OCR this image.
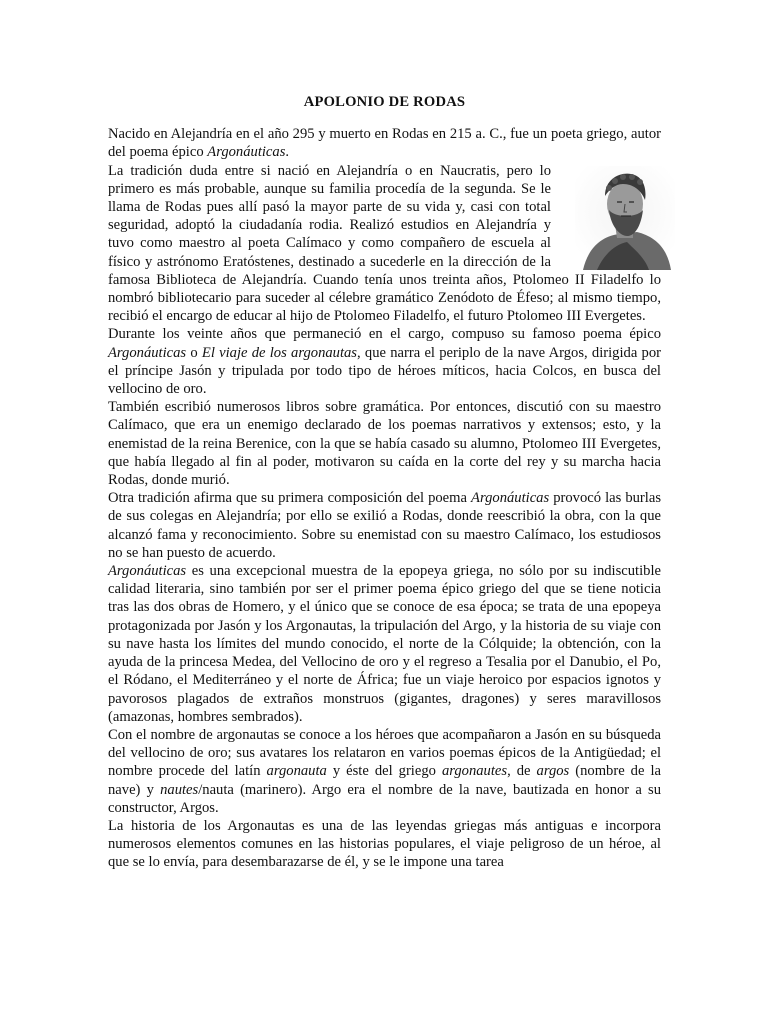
APOLONIO DE RODAS

Nacido en Alejandría en el año 295 y muerto en Rodas en 215 a. C., fue un poeta griego, autor del poema épico Argonáuticas.

La tradición duda entre si nació en Alejandría o en Naucratis, pero lo primero es más probable, aunque su familia procedía de la segunda. Se le llama de Rodas pues allí pasó la mayor parte de su vida y, casi con total seguridad, adoptó la ciudadanía rodia. Realizó estudios en Alejandría y tuvo como maestro al poeta Calímaco y como compañero de escuela al físico y astrónomo Eratóstenes, destinado a sucederle en la dirección de la famosa Biblioteca de Alejandría. Cuando tenía unos treinta años, Ptolomeo II Filadelfo lo nombró bibliotecario para suceder al célebre gramático Zenódoto de Éfeso; al mismo tiempo, recibió el encargo de educar al hijo de Ptolomeo Filadelfo, el futuro Ptolomeo III Evergetes.

Durante los veinte años que permaneció en el cargo, compuso su famoso poema épico Argonáuticas o El viaje de los argonautas, que narra el periplo de la nave Argos, dirigida por el príncipe Jasón y tripulada por todo tipo de héroes míticos, hacia Colcos, en busca del vellocino de oro.

También escribió numerosos libros sobre gramática. Por entonces, discutió con su maestro Calímaco, que era un enemigo declarado de los poemas narrativos y extensos; esto, y la enemistad de la reina Berenice, con la que se había casado su alumno, Ptolomeo III Evergetes, que había llegado al fin al poder, motivaron su caída en la corte del rey y su marcha hacia Rodas, donde murió.

Otra tradición afirma que su primera composición del poema Argonáuticas provocó las burlas de sus colegas en Alejandría; por ello se exilió a Rodas, donde reescribió la obra, con la que alcanzó fama y reconocimiento. Sobre su enemistad con su maestro Calímaco, los estudiosos no se han puesto de acuerdo.

Argonáuticas es una excepcional muestra de la epopeya griega, no sólo por su indiscutible calidad literaria, sino también por ser el primer poema épico griego del que se tiene noticia tras las dos obras de Homero, y el único que se conoce de esa época; se trata de una epopeya protagonizada por Jasón y los Argonautas, la tripulación del Argo, y la historia de su viaje con su nave hasta los límites del mundo conocido, el norte de la Cólquide; la obtención, con la ayuda de la princesa Medea, del Vellocino de oro y el regreso a Tesalia por el Danubio, el Po, el Ródano, el Mediterráneo y el norte de África; fue un viaje heroico por espacios ignotos y pavorosos plagados de extraños monstruos (gigantes, dragones) y seres maravillosos (amazonas, hombres sembrados).

Con el nombre de argonautas se conoce a los héroes que acompañaron a Jasón en su búsqueda del vellocino de oro; sus avatares los relataron en varios poemas épicos de la Antigüedad; el nombre procede del latín argonauta y éste del griego argonautes, de argos (nombre de la nave) y nautes/nauta (marinero). Argo era el nombre de la nave, bautizada en honor a su constructor, Argos.

La historia de los Argonautas es una de las leyendas griegas más antiguas e incorpora numerosos elementos comunes en las historias populares, el viaje peligroso de un héroe, al que se lo envía, para desembarazarse de él, y se le impone una tarea
